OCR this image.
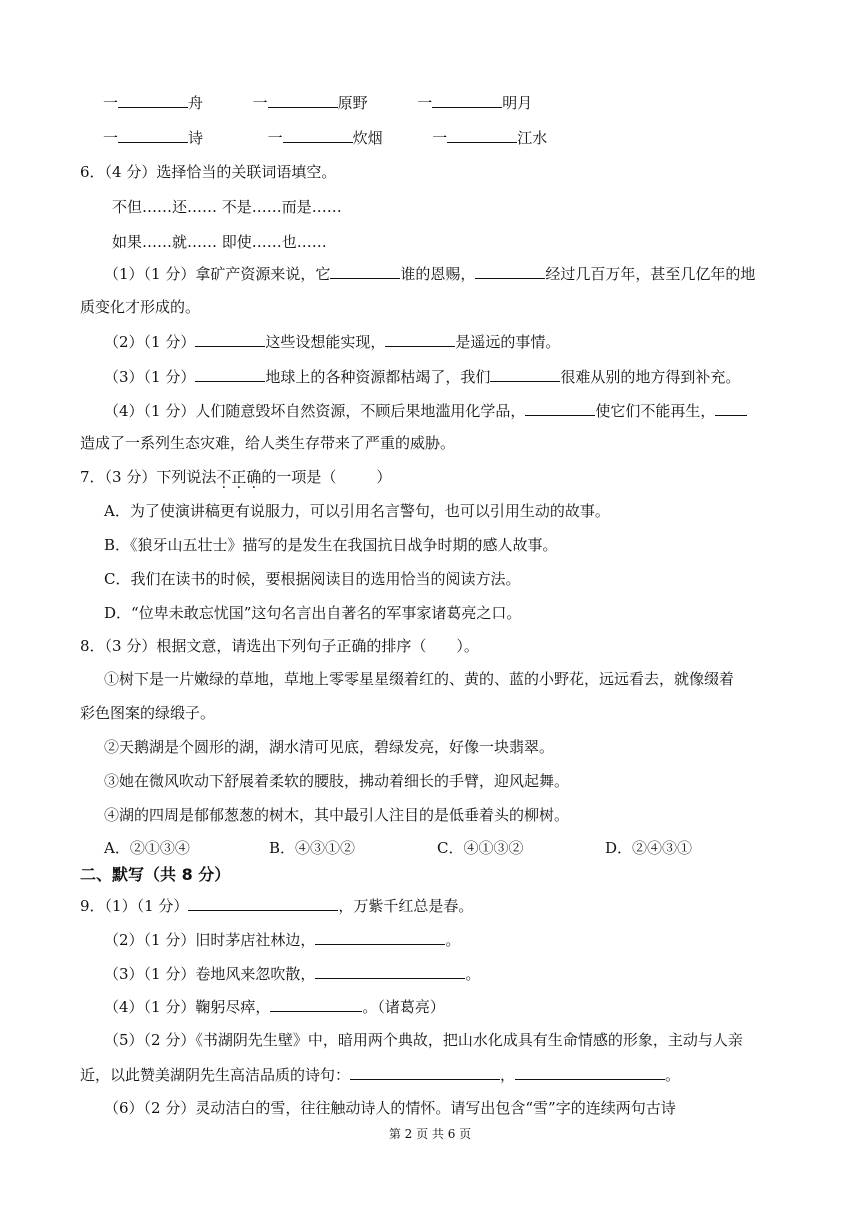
一	舟	一	原野	一	明月
一	诗	一	炊烟	一	江水
6．（4 分）选择恰当的关联词语填空。
不但……还…… 不是……而是……
如果……就…… 即使……也……
（1）（1 分）拿矿产资源来说，它	谁的恩赐，	经过几百万年，甚至几亿年的地
质变化才形成的。
（2）（1 分）	这些设想能实现，	是遥远的事情。
（3）（1 分）	地球上的各种资源都枯竭了，我们	很难从别的地方得到补充。
（4）（1 分）人们随意毁坏自然资源，不顾后果地滥用化学品，	使它们不能再生，
造成了一系列生态灾难，给人类生存带来了严重的威胁。
7．（3 分）下列说法不正确的一项是（	）
A．为了使演讲稿更有说服力，可以引用名言警句，也可以引用生动的故事。
B．《狼牙山五壮士》描写的是发生在我国抗日战争时期的感人故事。
C．我们在读书的时候，要根据阅读目的选用恰当的阅读方法。
D．“位卑未敢忘忧国”这句名言出自著名的军事家诸葛亮之口。
8．（3 分）根据文意，请选出下列句子正确的排序（　　）。
①树下是一片嫩绿的草地，草地上零零星星缀着红的、黄的、蓝的小野花，远远看去，就像缀着
彩色图案的绿缎子。
②天鹅湖是个圆形的湖，湖水清可见底，碧绿发亮，好像一块翡翠。
③她在微风吹动下舒展着柔软的腰肢，拂动着细长的手臂，迎风起舞。
④湖的四周是郁郁葱葱的树木，其中最引人注目的是低垂着头的柳树。
A．②①③④	B．④③①②	C．④①③②	D．②④③①
二、默写（共 8 分）
9．（1）（1 分）	，万紫千红总是春。
（2）（1 分）旧时茅店社林边，	。
（3）（1 分）卷地风来忽吹散，	。
（4）（1 分）鞠躬尽瘁，	。（诸葛亮）
（5）（2 分）《书湖阴先生壁》中，暗用两个典故，把山水化成具有生命情感的形象，主动与人亲
近，以此赞美湖阴先生高洁品质的诗句：	，	。
（6）（2 分）灵动洁白的雪，往往触动诗人的情怀。请写出包含“雪”字的连续两句古诗
第 2 页 共 6 页
